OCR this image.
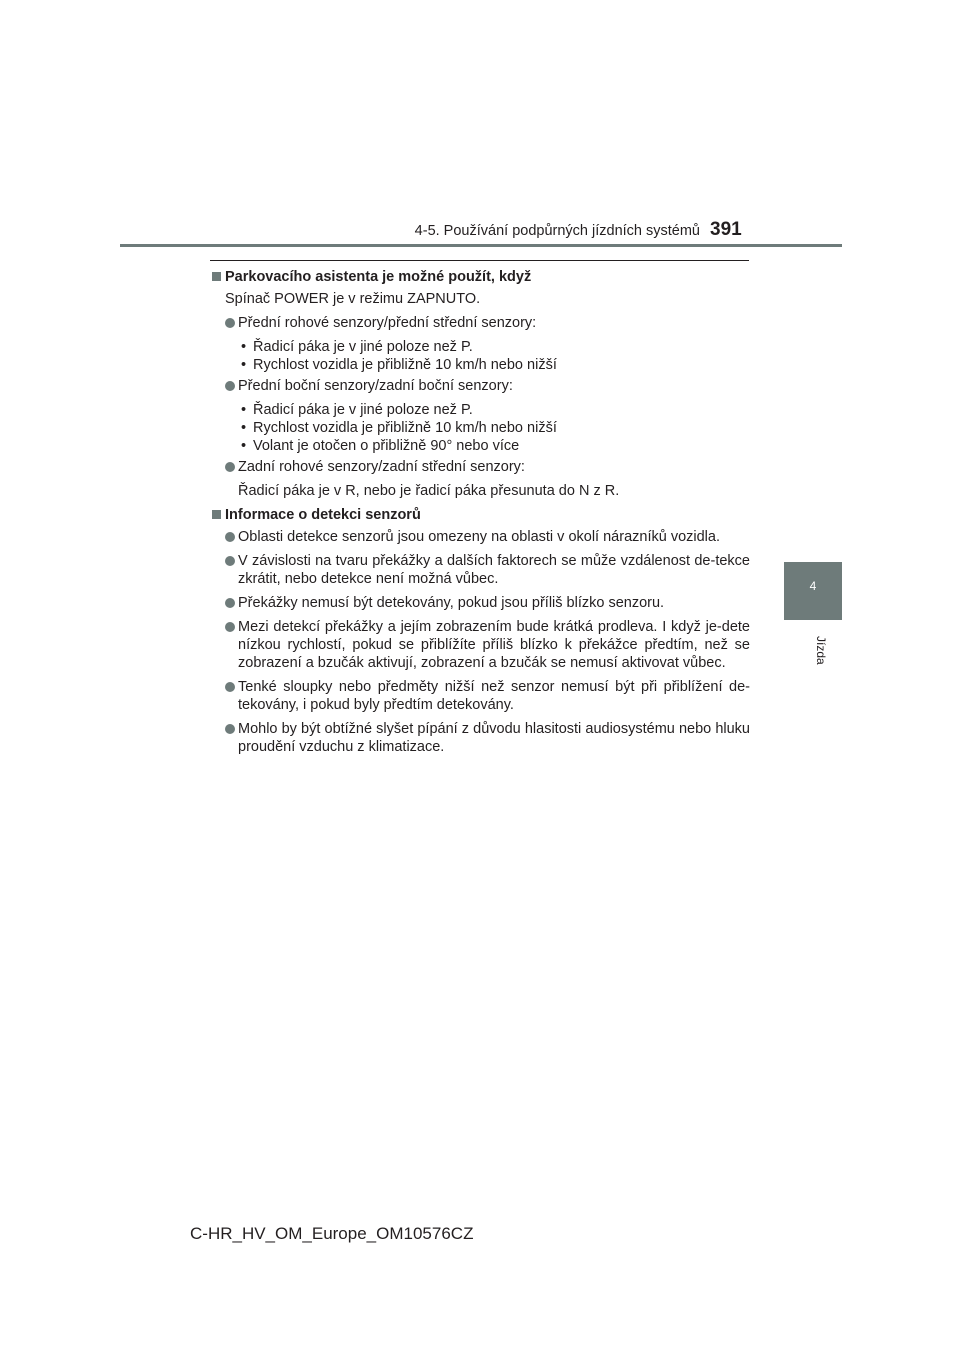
4-5. Používání podpůrných jízdních systémů 391
4
Jízda
Parkovacího asistenta je možné použít, když
Spínač POWER je v režimu ZAPNUTO.
Přední rohové senzory/přední střední senzory:
• Řadicí páka je v jiné poloze než P.
• Rychlost vozidla je přibližně 10 km/h nebo nižší
Přední boční senzory/zadní boční senzory:
• Řadicí páka je v jiné poloze než P.
• Rychlost vozidla je přibližně 10 km/h nebo nižší
• Volant je otočen o přibližně 90° nebo více
Zadní rohové senzory/zadní střední senzory:
Řadicí páka je v R, nebo je řadicí páka přesunuta do N z R.
Informace o detekci senzorů
Oblasti detekce senzorů jsou omezeny na oblasti v okolí nárazníků vozidla.
V závislosti na tvaru překážky a dalších faktorech se může vzdálenost de-tekce zkrátit, nebo detekce není možná vůbec.
Překážky nemusí být detekovány, pokud jsou příliš blízko senzoru.
Mezi detekcí překážky a jejím zobrazením bude krátká prodleva. I když je-dete nízkou rychlostí, pokud se přiblížíte příliš blízko k překážce předtím, než se zobrazení a bzučák aktivují, zobrazení a bzučák se nemusí aktivovat vůbec.
Tenké sloupky nebo předměty nižší než senzor nemusí být při přiblížení de-tekovány, i pokud byly předtím detekovány.
Mohlo by být obtížné slyšet pípání z důvodu hlasitosti audiosystému nebo hluku proudění vzduchu z klimatizace.
C-HR_HV_OM_Europe_OM10576CZ
